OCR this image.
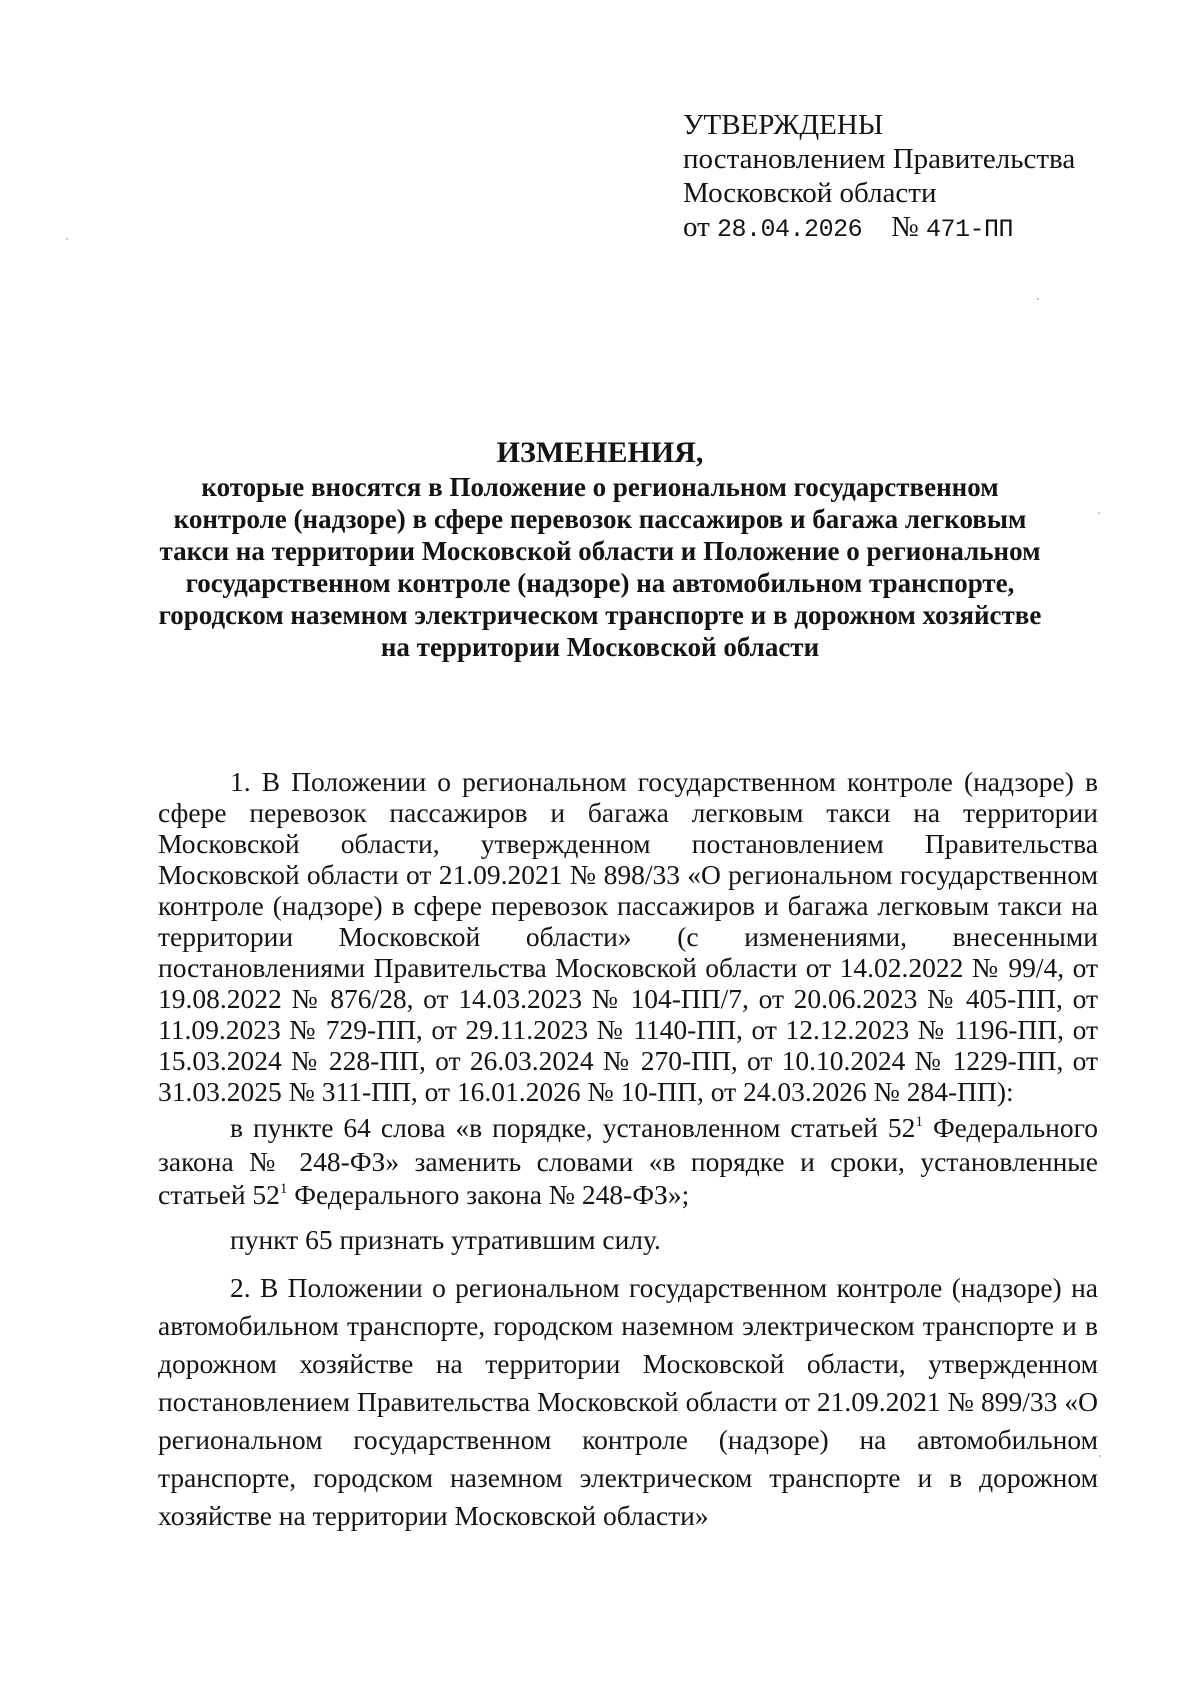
УТВЕРЖДЕНЫ
постановлением Правительства
Московской области
от 28.04.2026 № 471-ПП
ИЗМЕНЕНИЯ,
которые вносятся в Положение о региональном государственном контроле (надзоре) в сфере перевозок пассажиров и багажа легковым такси на территории Московской области и Положение о региональном государственном контроле (надзоре) на автомобильном транспорте, городском наземном электрическом транспорте и в дорожном хозяйстве на территории Московской области

1. В Положении о региональном государственном контроле (надзоре) в сфере перевозок пассажиров и багажа легковым такси на территории Московской области, утвержденном постановлением Правительства Московской области от 21.09.2021 № 898/33 «О региональном государственном контроле (надзоре) в сфере перевозок пассажиров и багажа легковым такси на территории Московской области» (с изменениями, внесенными постановлениями Правительства Московской области от 14.02.2022 № 99/4, от 19.08.2022 № 876/28, от 14.03.2023 № 104-ПП/7, от 20.06.2023 № 405-ПП, от 11.09.2023 № 729-ПП, от 29.11.2023 № 1140-ПП, от 12.12.2023 № 1196-ПП, от 15.03.2024 № 228-ПП, от 26.03.2024 № 270-ПП, от 10.10.2024 № 1229-ПП, от 31.03.2025 № 311-ПП, от 16.01.2026 № 10-ПП, от 24.03.2026 № 284-ПП):

в пункте 64 слова «в порядке, установленном статьей $52^1$ Федерального закона № 248-ФЗ» заменить словами «в порядке и сроки, установленные статьей $52^1$ Федерального закона № 248-ФЗ»;

пункт 65 признать утратившим силу.

2. В Положении о региональном государственном контроле (надзоре) на автомобильном транспорте, городском наземном электрическом транспорте и в дорожном хозяйстве на территории Московской области, утвержденном постановлением Правительства Московской области от 21.09.2021 № 899/33 «О региональном государственном контроле (надзоре) на автомобильном транспорте, городском наземном электрическом транспорте и в дорожном хозяйстве на территории Московской области»
